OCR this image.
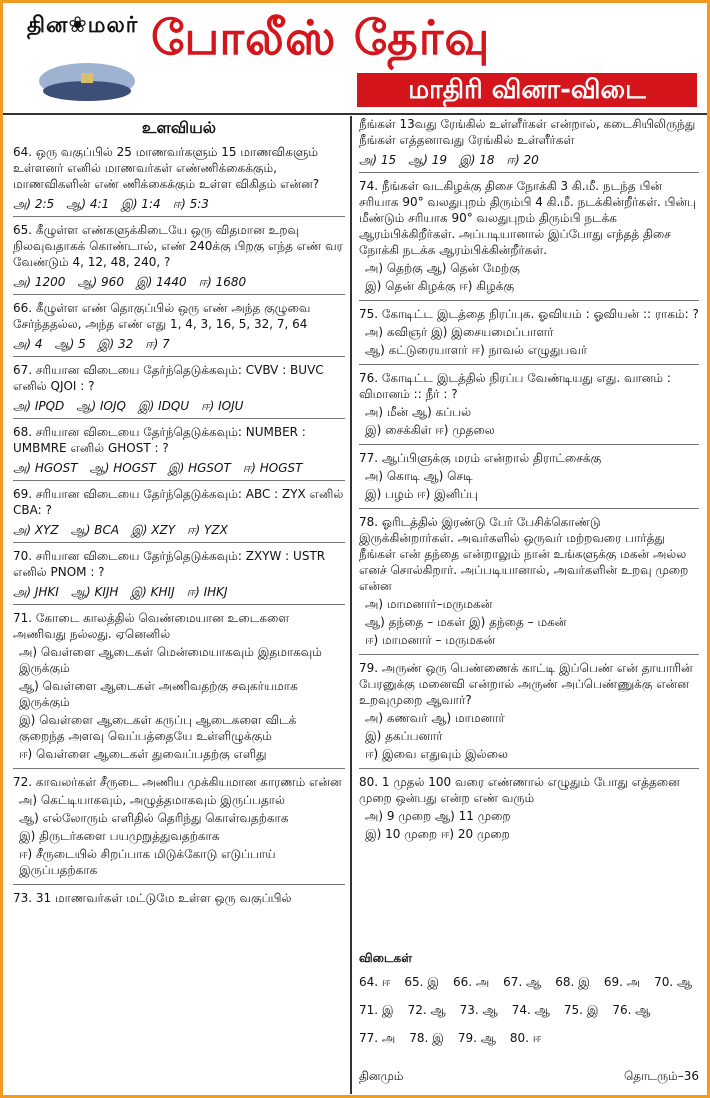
தின❀மலர் போலீஸ் தேர்வு
மாதிரி வினா-விடை
உளவியல்
64. ஒரு வகுப்பில் 25 மாணவர்களும் 15 மாணவிகளும் உள்ளனர் எனில் மாணவர்கள் எண்ணிக்கைக்கும், மாணவிகளின் எண் ணிக்கைக்கும் உள்ள விகிதம் என்ன?
அ) 2:5 ஆ) 4:1 இ) 1:4 ஈ) 5:3
65. கீழுள்ள எண்களுக்கிடையே ஒரு விதமான உறவு நிலவுவதாகக் கொண்டால், எண் 240க்கு பிறகு எந்த எண் வர வேண்டும் 4, 12, 48, 240, ?
அ) 1200 ஆ) 960 இ) 1440 ஈ) 1680
66. கீழுள்ள எண் தொகுப்பில் ஒரு எண் அந்த குழுவை சேர்ந்ததல்ல, அந்த எண் எது 1, 4, 3, 16, 5, 32, 7, 64
அ) 4 ஆ) 5 இ) 32 ஈ) 7
67. சரியான விடையை தேர்ந்தெடுக்கவும்: CVBV : BUVC எனில் QJOI : ?
அ) IPQD ஆ) IOJQ இ) IDQU ஈ) IOJU
68. சரியான விடையை தேர்ந்தெடுக்கவும்: NUMBER : UMBMRE எனில் GHOST : ?
அ) HGOST ஆ) HOGST இ) HGSOT ஈ) HOGST
69. சரியான விடையை தேர்ந்தெடுக்கவும்: ABC : ZYX எனில் CBA: ?
அ) XYZ ஆ) BCA இ) XZY ஈ) YZX
70. சரியான விடையை தேர்ந்தெடுக்கவும்: ZXYW : USTR எனில் PNOM : ?
அ) JHKI ஆ) KIJH இ) KHIJ ஈ) IHKJ
71. கோடை காலத்தில் வெண்மையான உடைகளை அணிவது நல்லது. ஏனெனில்
அ) வெள்ளை ஆடைகள் மென்மையாகவும் இதமாகவும் இருக்கும்
ஆ) வெள்ளை ஆடைகள் அணிவதற்கு சவுகர்யமாக இருக்கும்
இ) வெள்ளை ஆடைகள் கருப்பு ஆடைகளை விடக் குறைந்த அளவு வெப்பத்தையே உள்ளிழுக்கும்
ஈ) வெள்ளை ஆடைகள் துவைப்பதற்கு எளிது
72. காவலர்கள் சீருடை அணிய முக்கியமான காரணம் என்ன
அ) கெட்டியாகவும், அழுத்தமாகவும் இருப்பதால்
ஆ) எல்லோரும் எளிதில் தெரிந்து கொள்வதற்காக
இ) திருடர்களை பயமுறுத்துவதற்காக
ஈ) சீருடையில் சிறப்பாக மிடுக்கோடு எடுப்பாய் இருப்பதற்காக
73. 31 மாணவர்கள் மட்டுமே உள்ள ஒரு வகுப்பில்
நீங்கள் 13வது ரேங்கில் உள்ளீர்கள் என்றால், கடைசியிலிருந்து நீங்கள் எத்தனாவது ரேங்கில் உள்ளீர்கள்
அ) 15 ஆ) 19 இ) 18 ஈ) 20
74. நீங்கள் வடகிழக்கு திசை நோக்கி 3 கி.மீ. நடந்த பின் சரியாக 90° வலதுபுறம் திரும்பி 4 கி.மீ. நடக்கின்றீர்கள். பின்பு மீண்டும் சரியாக 90° வலதுபுறம் திரும்பி நடக்க ஆரம்பிக்கிறீர்கள். அப்படியானால் இப்போது எந்தத் திசை நோக்கி நடக்க ஆரம்பிக்கின்றீர்கள்.
அ) தெற்கு ஆ) தென் மேற்கு
இ) தென் கிழக்கு ஈ) கிழக்கு
75. கோடிட்ட இடத்தை நிரப்புக. ஓவியம் : ஓவியன் :: ராகம்: ?
அ) கவிஞர் இ) இசையமைப்பாளர்
ஆ) கட்டுரையாளர் ஈ) நாவல் எழுதுபவர்
76. கோடிட்ட இடத்தில் நிரப்ப வேண்டியது எது. வானம் : விமானம் :: நீர் : ?
அ) மீன் ஆ) கப்பல்
இ) சைக்கிள் ஈ) முதலை
77. ஆப்பிளுக்கு மரம் என்றால் திராட்சைக்கு
அ) கொடி ஆ) செடி
இ) பழம் ஈ) இனிப்பு
78. ஓரிடத்தில் இரண்டு பேர் பேசிக்கொண்டு இருக்கின்றார்கள். அவர்களில் ஒருவர் மற்றவரை பார்த்து நீங்கள் என் தந்தை என்றாலும் நான் உங்களுக்கு மகன் அல்ல எனச் சொல்கிறார். அப்படியானால், அவர்களின் உறவு முறை என்ன
அ) மாமனார்–மருமகன்
ஆ) தந்தை – மகள் இ) தந்தை – மகன்
ஈ) மாமனார் – மருமகன்
79. அருண் ஒரு பெண்ணைக் காட்டி இப்பெண் என் தாயாரின் பேரனுக்கு மனைவி என்றால் அருண் அப்பெண்ணுக்கு என்ன உறவுமுறை ஆவார்?
அ) கணவர் ஆ) மாமனார்
இ) தகப்பனார்
ஈ) இவை எதுவும் இல்லை
80. 1 முதல் 100 வரை எண்ணால் எழுதும் போது எத்தனை முறை ஒன்பது என்ற எண் வரும்
அ) 9 முறை ஆ) 11 முறை
இ) 10 முறை ஈ) 20 முறை
விடைகள்
64. ஈ 65. இ 66. அ 67. ஆ 68. இ 69. அ 70. ஆ
71. இ 72. ஆ 73. ஆ 74. ஆ 75. இ 76. ஆ
77. அ 78. இ 79. ஆ 80. ஈ
தினமும்	தொடரும்–36
